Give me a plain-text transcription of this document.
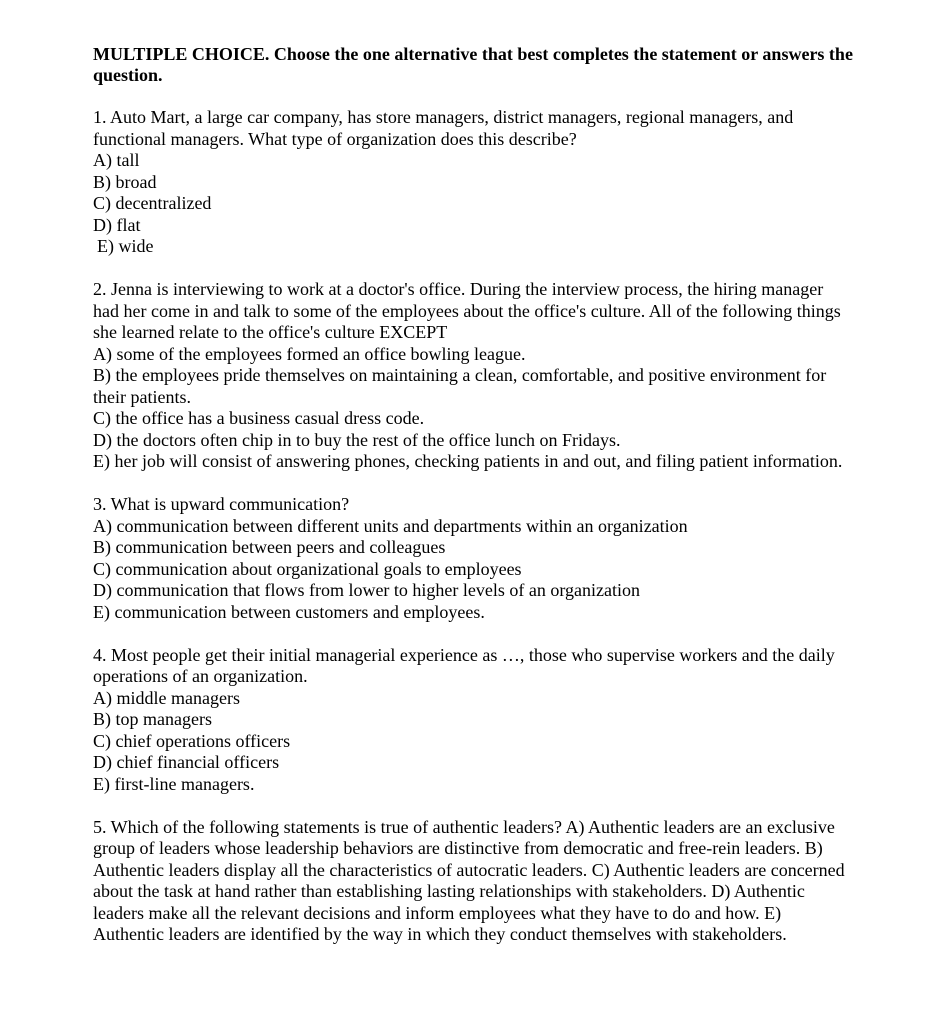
MULTIPLE CHOICE. Choose the one alternative that best completes the statement or answers the question.

1. Auto Mart, a large car company, has store managers, district managers, regional managers, and functional managers. What type of organization does this describe?

A) tall
B) broad
C) decentralized
D) flat
E) wide

2. Jenna is interviewing to work at a doctor's office. During the interview process, the hiring manager had her come in and talk to some of the employees about the office's culture. All of the following things she learned relate to the office's culture EXCEPT

A) some of the employees formed an office bowling league.
B) the employees pride themselves on maintaining a clean, comfortable, and positive environment for their patients.
C) the office has a business casual dress code.
D) the doctors often chip in to buy the rest of the office lunch on Fridays.
E) her job will consist of answering phones, checking patients in and out, and filing patient information.

3. What is upward communication?

A) communication between different units and departments within an organization
B) communication between peers and colleagues
C) communication about organizational goals to employees
D) communication that flows from lower to higher levels of an organization
E) communication between customers and employees.

4. Most people get their initial managerial experience as …, those who supervise workers and the daily operations of an organization.

A) middle managers
B) top managers
C) chief operations officers
D) chief financial officers
E) first-line managers.

5. Which of the following statements is true of authentic leaders? A) Authentic leaders are an exclusive group of leaders whose leadership behaviors are distinctive from democratic and free-rein leaders. B) Authentic leaders display all the characteristics of autocratic leaders. C) Authentic leaders are concerned about the task at hand rather than establishing lasting relationships with stakeholders. D) Authentic leaders make all the relevant decisions and inform employees what they have to do and how. E) Authentic leaders are identified by the way in which they conduct themselves with stakeholders.
